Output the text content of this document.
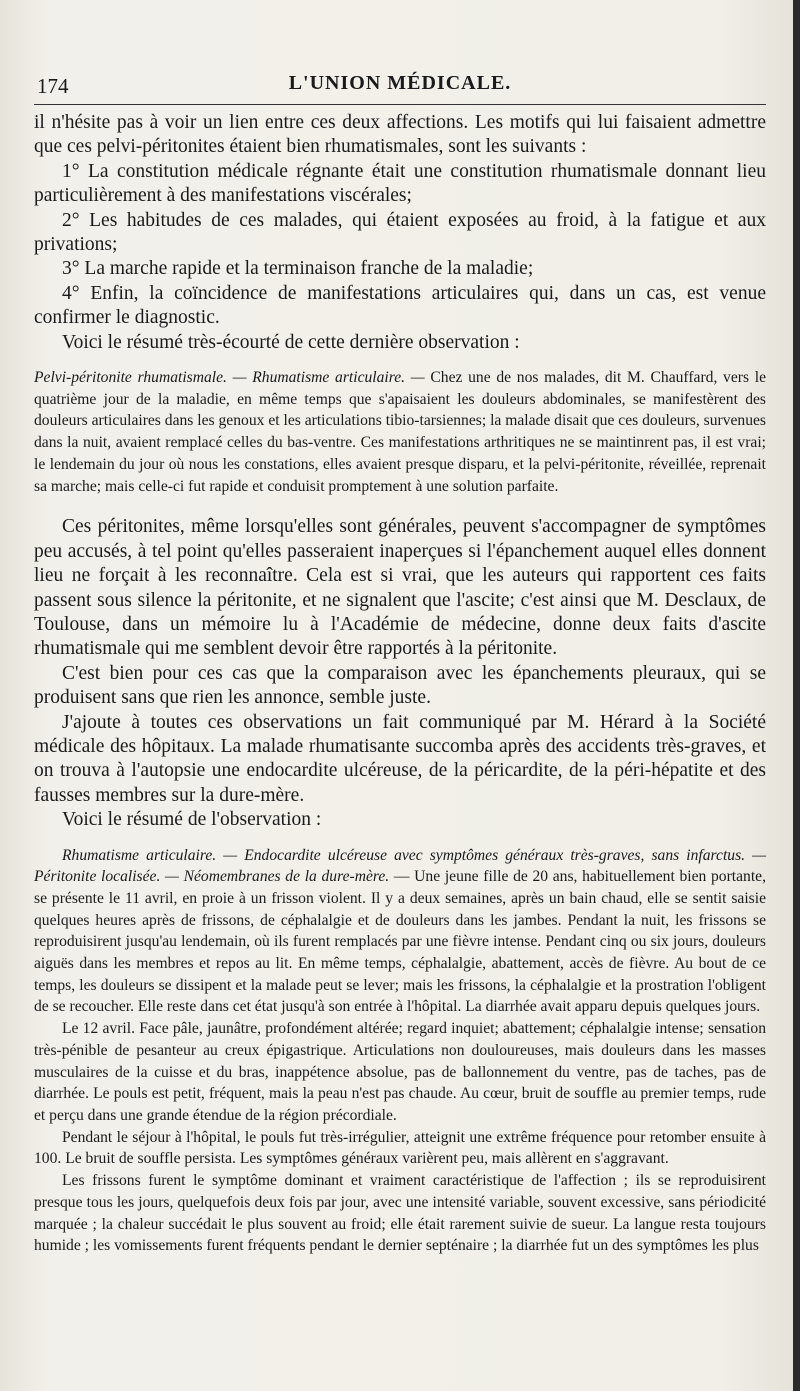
174	L'UNION MÉDICALE.

il n'hésite pas à voir un lien entre ces deux affections. Les motifs qui lui faisaient admettre que ces pelvi-péritonites étaient bien rhumatismales, sont les suivants :

1° La constitution médicale régnante était une constitution rhumatismale donnant lieu particulièrement à des manifestations viscérales;

2° Les habitudes de ces malades, qui étaient exposées au froid, à la fatigue et aux privations;

3° La marche rapide et la terminaison franche de la maladie;

4° Enfin, la coïncidence de manifestations articulaires qui, dans un cas, est venue confirmer le diagnostic.

Voici le résumé très-écourté de cette dernière observation :

Pelvi-péritonite rhumatismale. — Rhumatisme articulaire. — Chez une de nos malades, dit M. Chauffard, vers le quatrième jour de la maladie, en même temps que s'apaisaient les douleurs abdominales, se manifestèrent des douleurs articulaires dans les genoux et les articulations tibio-tarsiennes; la malade disait que ces douleurs, survenues dans la nuit, avaient remplacé celles du bas-ventre. Ces manifestations arthritiques ne se maintinrent pas, il est vrai; le lendemain du jour où nous les constations, elles avaient presque disparu, et la pelvi-péritonite, réveillée, reprenait sa marche; mais celle-ci fut rapide et conduisit promptement à une solution parfaite.

Ces péritonites, même lorsqu'elles sont générales, peuvent s'accompagner de symptômes peu accusés, à tel point qu'elles passeraient inaperçues si l'épanchement auquel elles donnent lieu ne forçait à les reconnaître. Cela est si vrai, que les auteurs qui rapportent ces faits passent sous silence la péritonite, et ne signalent que l'ascite; c'est ainsi que M. Desclaux, de Toulouse, dans un mémoire lu à l'Académie de médecine, donne deux faits d'ascite rhumatismale qui me semblent devoir être rapportés à la péritonite.

C'est bien pour ces cas que la comparaison avec les épanchements pleuraux, qui se produisent sans que rien les annonce, semble juste.

J'ajoute à toutes ces observations un fait communiqué par M. Hérard à la Société médicale des hôpitaux. La malade rhumatisante succomba après des accidents très-graves, et on trouva à l'autopsie une endocardite ulcéreuse, de la péricardite, de la péri-hépatite et des fausses membres sur la dure-mère.

Voici le résumé de l'observation :

Rhumatisme articulaire. — Endocardite ulcéreuse avec symptômes généraux très-graves, sans infarctus. — Péritonite localisée. — Néomembranes de la dure-mère. — Une jeune fille de 20 ans, habituellement bien portante, se présente le 11 avril, en proie à un frisson violent. Il y a deux semaines, après un bain chaud, elle se sentit saisie quelques heures après de frissons, de céphalalgie et de douleurs dans les jambes. Pendant la nuit, les frissons se reproduisirent jusqu'au lendemain, où ils furent remplacés par une fièvre intense. Pendant cinq ou six jours, douleurs aiguës dans les membres et repos au lit. En même temps, céphalalgie, abattement, accès de fièvre. Au bout de ce temps, les douleurs se dissipent et la malade peut se lever; mais les frissons, la céphalalgie et la prostration l'obligent de se recoucher. Elle reste dans cet état jusqu'à son entrée à l'hôpital. La diarrhée avait apparu depuis quelques jours.

Le 12 avril. Face pâle, jaunâtre, profondément altérée; regard inquiet; abattement; céphalalgie intense; sensation très-pénible de pesanteur au creux épigastrique. Articulations non douloureuses, mais douleurs dans les masses musculaires de la cuisse et du bras, inappétence absolue, pas de ballonnement du ventre, pas de taches, pas de diarrhée. Le pouls est petit, fréquent, mais la peau n'est pas chaude. Au cœur, bruit de souffle au premier temps, rude et perçu dans une grande étendue de la région précordiale.

Pendant le séjour à l'hôpital, le pouls fut très-irrégulier, atteignit une extrême fréquence pour retomber ensuite à 100. Le bruit de souffle persista. Les symptômes généraux varièrent peu, mais allèrent en s'aggravant.

Les frissons furent le symptôme dominant et vraiment caractéristique de l'affection ; ils se reproduisirent presque tous les jours, quelquefois deux fois par jour, avec une intensité variable, souvent excessive, sans périodicité marquée ; la chaleur succédait le plus souvent au froid; elle était rarement suivie de sueur. La langue resta toujours humide ; les vomissements furent fréquents pendant le dernier septénaire ; la diarrhée fut un des symptômes les plus
